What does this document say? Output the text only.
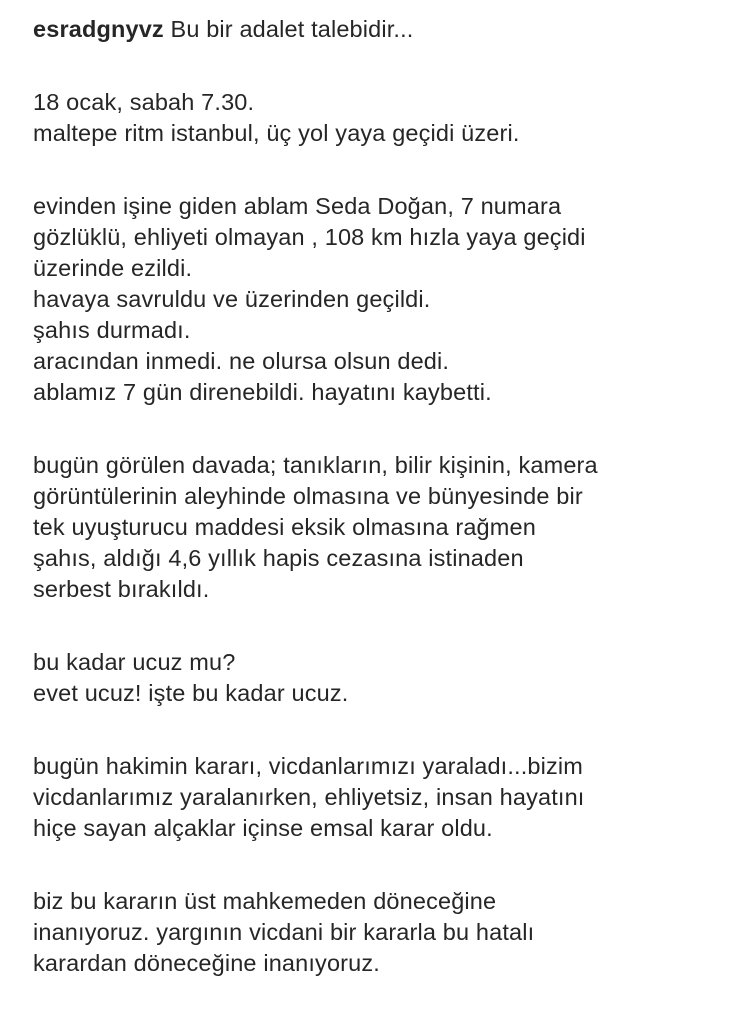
esradgnyvz Bu bir adalet talebidir...
18 ocak, sabah 7.30.
maltepe ritm istanbul, üç yol yaya geçidi üzeri.
evinden işine giden ablam Seda Doğan, 7 numara
gözlüklü, ehliyeti olmayan , 108 km hızla yaya geçidi
üzerinde ezildi.
havaya savruldu ve üzerinden geçildi.
şahıs durmadı.
aracından inmedi. ne olursa olsun dedi.
ablamız 7 gün direnebildi. hayatını kaybetti.
bugün görülen davada; tanıkların, bilir kişinin, kamera
görüntülerinin aleyhinde olmasına ve bünyesinde bir
tek uyuşturucu maddesi eksik olmasına rağmen
şahıs, aldığı 4,6 yıllık hapis cezasına istinaden
serbest bırakıldı.
bu kadar ucuz mu?
evet ucuz! işte bu kadar ucuz.
bugün hakimin kararı, vicdanlarımızı yaraladı...bizim
vicdanlarımız yaralanırken, ehliyetsiz, insan hayatını
hiçe sayan alçaklar içinse emsal karar oldu.
biz bu kararın üst mahkemeden döneceğine
inanıyoruz. yargının vicdani bir kararla bu hatalı
karardan döneceğine inanıyoruz.
